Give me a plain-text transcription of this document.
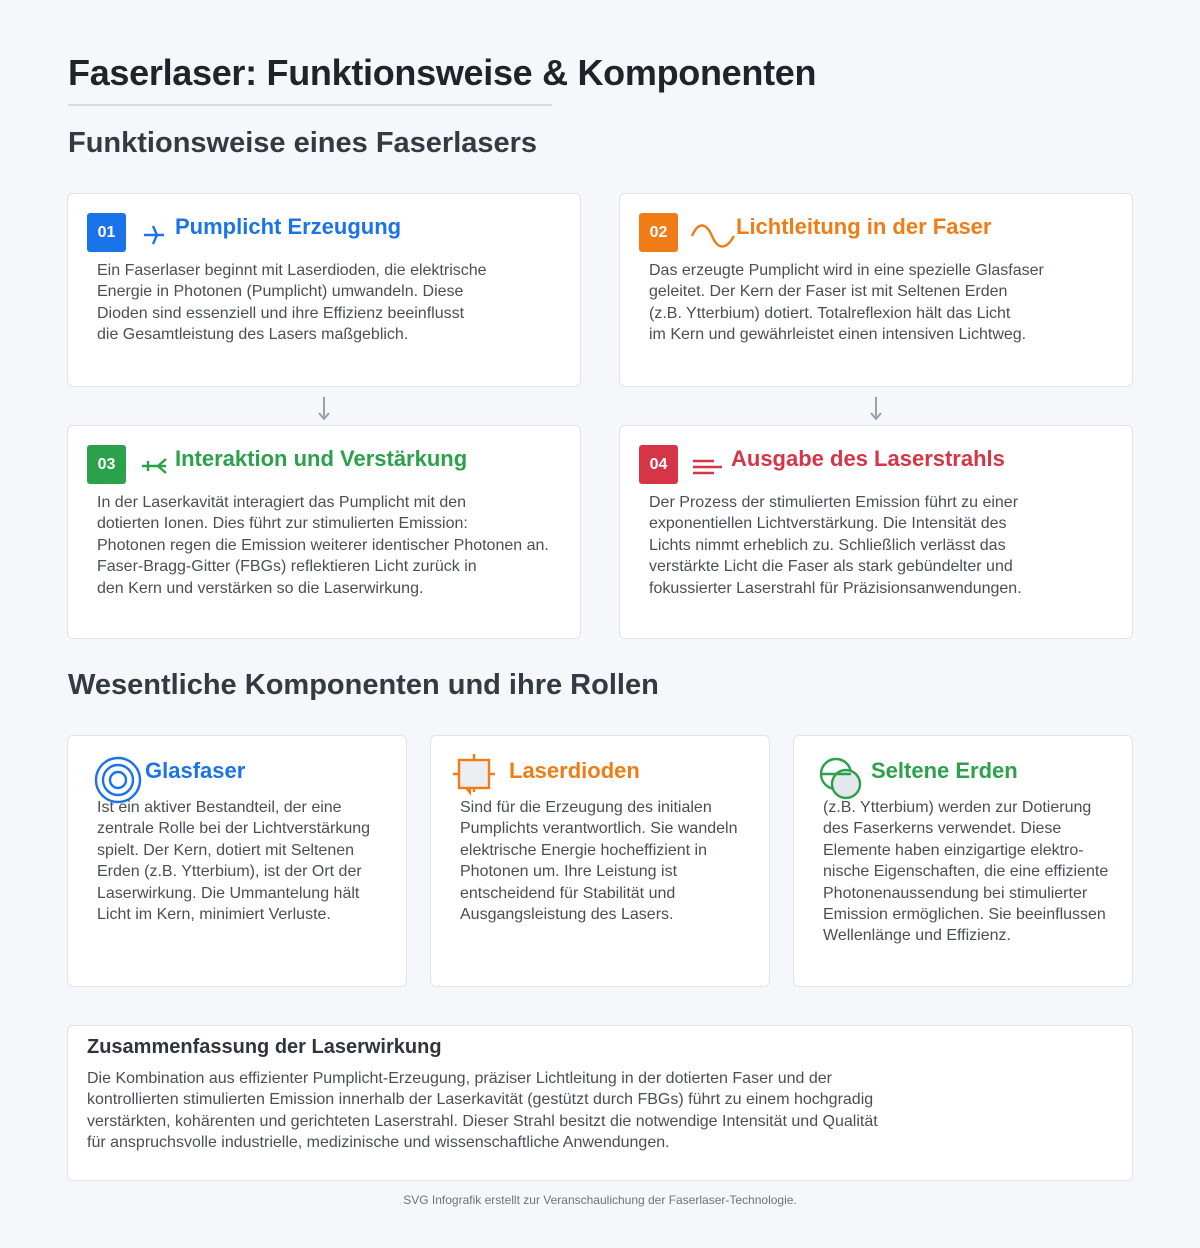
Faserlaser: Funktionsweise & Komponenten
Funktionsweise eines Faserlasers
01	Pumplicht Erzeugung
Ein Faserlaser beginnt mit Laserdioden, die elektrische
Energie in Photonen (Pumplicht) umwandeln. Diese
Dioden sind essenziell und ihre Effizienz beeinflusst
die Gesamtleistung des Lasers maßgeblich.
02	Lichtleitung in der Faser
Das erzeugte Pumplicht wird in eine spezielle Glasfaser
geleitet. Der Kern der Faser ist mit Seltenen Erden
(z.B. Ytterbium) dotiert. Totalreflexion hält das Licht
im Kern und gewährleistet einen intensiven Lichtweg.
03	Interaktion und Verstärkung
In der Laserkavität interagiert das Pumplicht mit den
dotierten Ionen. Dies führt zur stimulierten Emission:
Photonen regen die Emission weiterer identischer Photonen an.
Faser-Bragg-Gitter (FBGs) reflektieren Licht zurück in
den Kern und verstärken so die Laserwirkung.
04	Ausgabe des Laserstrahls
Der Prozess der stimulierten Emission führt zu einer
exponentiellen Lichtverstärkung. Die Intensität des
Lichts nimmt erheblich zu. Schließlich verlässt das
verstärkte Licht die Faser als stark gebündelter und
fokussierter Laserstrahl für Präzisionsanwendungen.
Wesentliche Komponenten und ihre Rollen
Glasfaser
Ist ein aktiver Bestandteil, der eine
zentrale Rolle bei der Lichtverstärkung
spielt. Der Kern, dotiert mit Seltenen
Erden (z.B. Ytterbium), ist der Ort der
Laserwirkung. Die Ummantelung hält
Licht im Kern, minimiert Verluste.
Laserdioden
Sind für die Erzeugung des initialen
Pumplichts verantwortlich. Sie wandeln
elektrische Energie hocheffizient in
Photonen um. Ihre Leistung ist
entscheidend für Stabilität und
Ausgangsleistung des Lasers.
Seltene Erden
(z.B. Ytterbium) werden zur Dotierung
des Faserkerns verwendet. Diese
Elemente haben einzigartige elektro-
nische Eigenschaften, die eine effiziente
Photonenaussendung bei stimulierter
Emission ermöglichen. Sie beeinflussen
Wellenlänge und Effizienz.
Zusammenfassung der Laserwirkung
Die Kombination aus effizienter Pumplicht-Erzeugung, präziser Lichtleitung in der dotierten Faser und der
kontrollierten stimulierten Emission innerhalb der Laserkavität (gestützt durch FBGs) führt zu einem hochgradig
verstärkten, kohärenten und gerichteten Laserstrahl. Dieser Strahl besitzt die notwendige Intensität und Qualität
für anspruchsvolle industrielle, medizinische und wissenschaftliche Anwendungen.
SVG Infografik erstellt zur Veranschaulichung der Faserlaser-Technologie.
